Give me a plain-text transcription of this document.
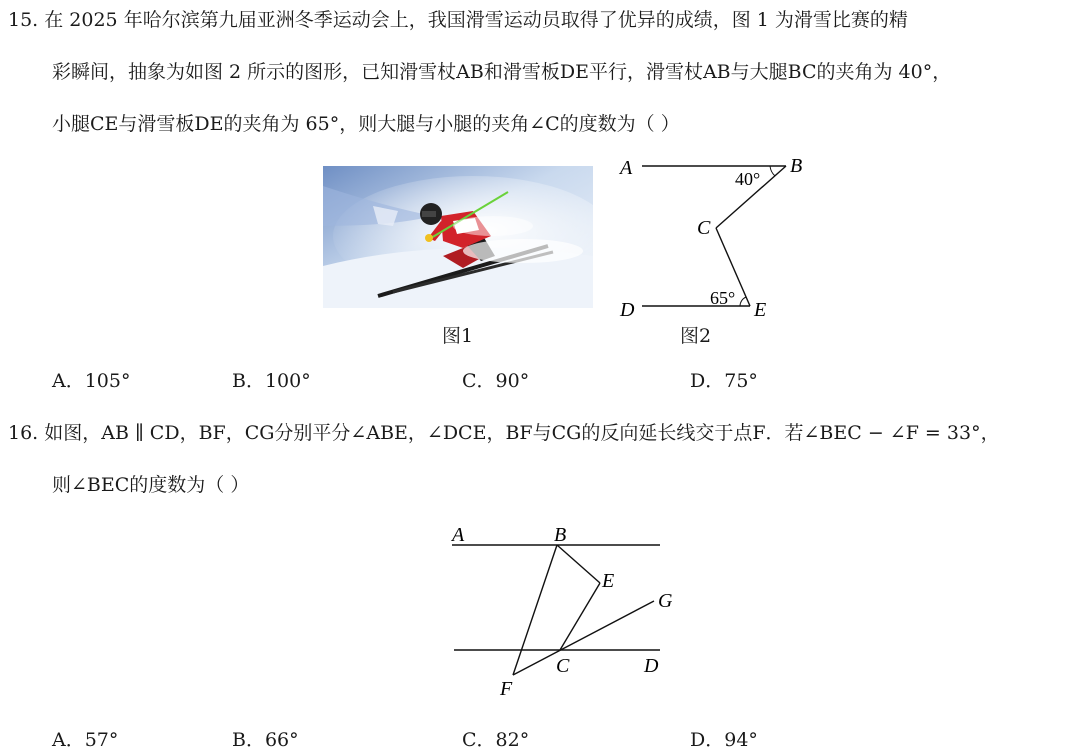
15. 在 2025 年哈尔滨第九届亚洲冬季运动会上，我国滑雪运动员取得了优异的成绩，图 1 为滑雪比赛的精
彩瞬间，抽象为如图 2 所示的图形，已知滑雪杖AB和滑雪板DE平行，滑雪杖AB与大腿BC的夹角为 40°，
小腿CE与滑雪板DE的夹角为 65°，则大腿与小腿的夹角∠C的度数为（ ）
图1
A	B
C
D	E
40°
65°
图2
A．105°	B．100°	C．90°	D．75°
16. 如图，AB ∥ CD，BF，CG分别平分∠ABE，∠DCE，BF与CG的反向延长线交于点F．若∠BEC − ∠F = 33°，
则∠BEC的度数为（ ）
A	B
C	D
E
F
G
A．57°	B．66°	C．82°	D．94°
